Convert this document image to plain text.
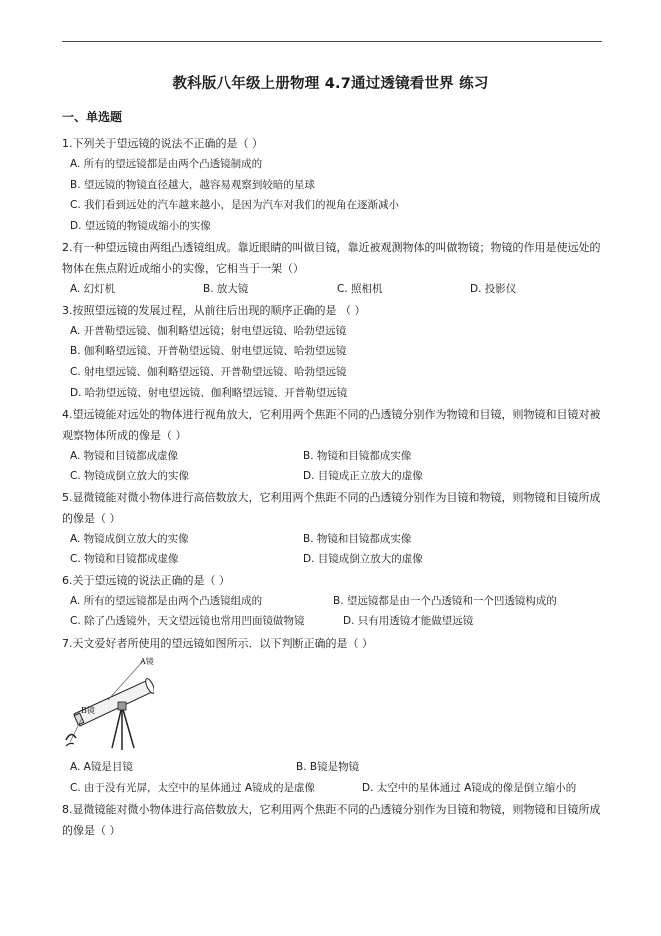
教科版八年级上册物理 4.7通过透镜看世界 练习
一、单选题
1.下列关于望远镜的说法不正确的是（ ）
A. 所有的望远镜都是由两个凸透镜制成的
B. 望远镜的物镜直径越大，越容易观察到较暗的星球
C. 我们看到远处的汽车越来越小，是因为汽车对我们的视角在逐渐减小
D. 望远镜的物镜成缩小的实像
2.有一种望远镜由两组凸透镜组成。靠近眼睛的叫做目镜，靠近被观测物体的叫做物镜；物镜的作用是使远处的物体在焦点附近成缩小的实像，它相当于一架（）
A. 幻灯机	B. 放大镜	C. 照相机	D. 投影仪
3.按照望远镜的发展过程，从前往后出现的顺序正确的是 （ ）
A. 开普勒望远镜、伽利略望远镜；射电望远镜、哈勃望远镜
B. 伽利略望远镜、开普勒望远镜、射电望远镜、哈勃望远镜
C. 射电望远镜、伽利略望远镜、开普勒望远镜、哈勃望远镜
D. 哈勃望远镜、射电望远镜、伽利略望远镜、开普勒望远镜
4.望远镜能对远处的物体进行视角放大，它利用两个焦距不同的凸透镜分别作为物镜和目镜，则物镜和目镜对被观察物体所成的像是（ ）
A. 物镜和目镜都成虚像	B. 物镜和目镜都成实像
C. 物镜成倒立放大的实像	D. 目镜成正立放大的虚像
5.显微镜能对微小物体进行高倍数放大，它利用两个焦距不同的凸透镜分别作为目镜和物镜，则物镜和目镜所成的像是（ ）
A. 物镜成倒立放大的实像	B. 物镜和目镜都成实像
C. 物镜和目镜都成虚像	D. 目镜成倒立放大的虚像
6.关于望远镜的说法正确的是（ ）
A. 所有的望远镜都是由两个凸透镜组成的	B. 望远镜都是由一个凸透镜和一个凹透镜构成的
C. 除了凸透镜外，天文望远镜也常用凹面镜做物镜	D. 只有用透镜才能做望远镜
7.天文爱好者所使用的望远镜如图所示．以下判断正确的是（ ）
A镜
B镜
A. A镜是目镜	B. B镜是物镜
C. 由于没有光屏，太空中的星体通过 A镜成的是虚像	D. 太空中的星体通过 A镜成的像是倒立缩小的
8.显微镜能对微小物体进行高倍数放大，它利用两个焦距不同的凸透镜分别作为目镜和物镜，则物镜和目镜所成的像是（ ）
